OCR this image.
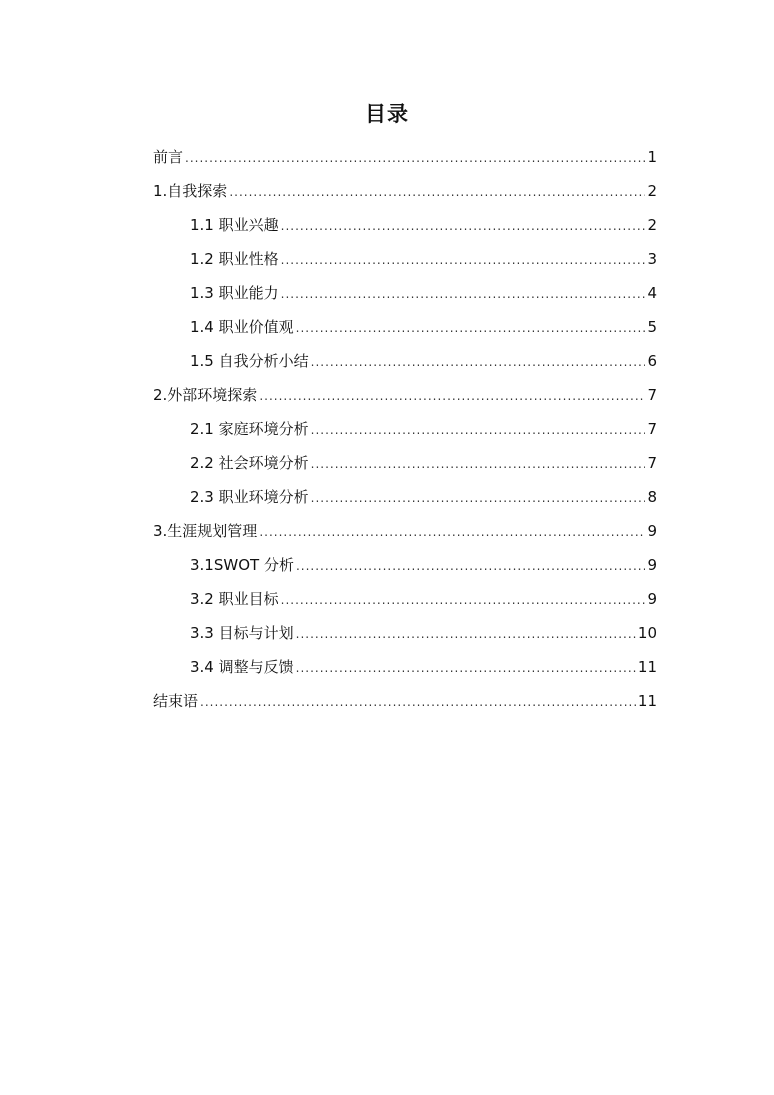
目录
前言 .....	1
1.自我探索 .....	2
1.1 职业兴趣 .....	2
1.2 职业性格 .....	3
1.3 职业能力 .....	4
1.4 职业价值观 .....	5
1.5 自我分析小结 .....	6
2.外部环境探索 .....	7
2.1 家庭环境分析 .....	7
2.2 社会环境分析 .....	7
2.3 职业环境分析 .....	8
3.生涯规划管理 .....	9
3.1SWOT 分析 .....	9
3.2 职业目标 .....	9
3.3 目标与计划 .....	10
3.4 调整与反馈 .....	11
结束语 .....	11
